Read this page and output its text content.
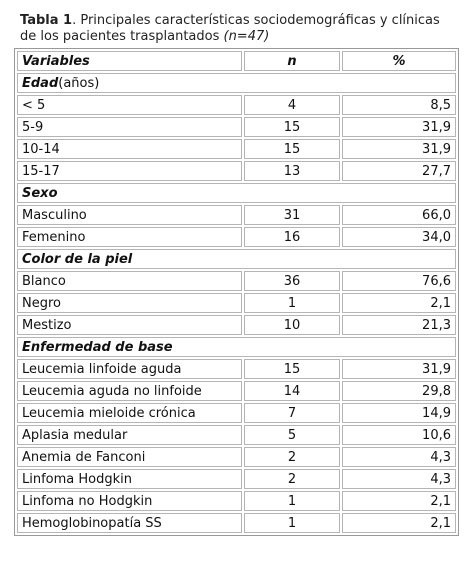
Tabla 1. Principales características sociodemográficas y clínicas de los pacientes trasplantados (n=47)
Variables	n	%
Edad(años)		
< 5	4	8,5
5-9	15	31,9
10-14	15	31,9
15-17	13	27,7
Sexo		
Masculino	31	66,0
Femenino	16	34,0
Color de la piel		
Blanco	36	76,6
Negro	1	2,1
Mestizo	10	21,3
Enfermedad de base		
Leucemia linfoide aguda	15	31,9
Leucemia aguda no linfoide	14	29,8
Leucemia mieloide crónica	7	14,9
Aplasia medular	5	10,6
Anemia de Fanconi	2	4,3
Linfoma Hodgkin	2	4,3
Linfoma no Hodgkin	1	2,1
Hemoglobinopatía SS	1	2,1
